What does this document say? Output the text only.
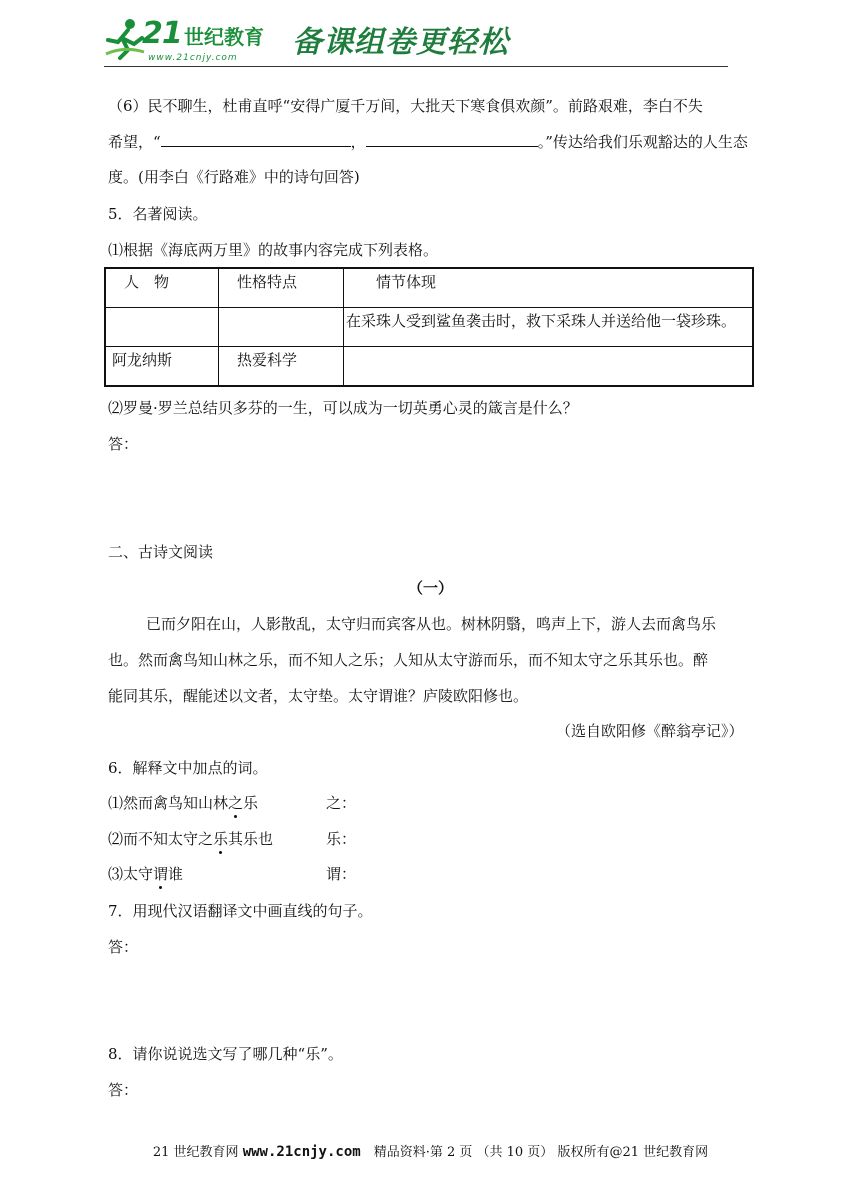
21 世纪教育
www.21cnjy.com 备课组卷更轻松
（6）民不聊生，杜甫直呼“安得广厦千万间，大批天下寒食俱欢颜”。前路艰难，李白不失
希望，“	，	。”传达给我们乐观豁达的人生态
度。(用李白《行路难》中的诗句回答)
5．名著阅读。
⑴根据《海底两万里》的故事内容完成下列表格。
人　物	性格特点	情节体现
		在采珠人受到鲨鱼袭击时，救下采珠人并送给他一袋珍珠。
阿龙纳斯	热爱科学	
⑵罗曼·罗兰总结贝多芬的一生，可以成为一切英勇心灵的箴言是什么？
答：
二、古诗文阅读
（一）
已而夕阳在山，人影散乱，太守归而宾客从也。树林阴翳，鸣声上下，游人去而禽鸟乐
也。然而禽鸟知山林之乐，而不知人之乐；人知从太守游而乐，而不知太守之乐其乐也。醉
能同其乐，醒能述以文者，太守垫。太守谓谁？庐陵欧阳修也。
（选自欧阳修《醉翁亭记》）
6．解释文中加点的词。
⑴然而禽鸟知山林之乐	之：
⑵而不知太守之乐其乐也	乐：
⑶太守谓谁	谓：
7．用现代汉语翻译文中画直线的句子。
答：
8．请你说说选文写了哪几种“乐”。
答：
21 世纪教育网 www.21cnjy.com　精品资料·第 2 页 （共 10 页） 版权所有@21 世纪教育网
